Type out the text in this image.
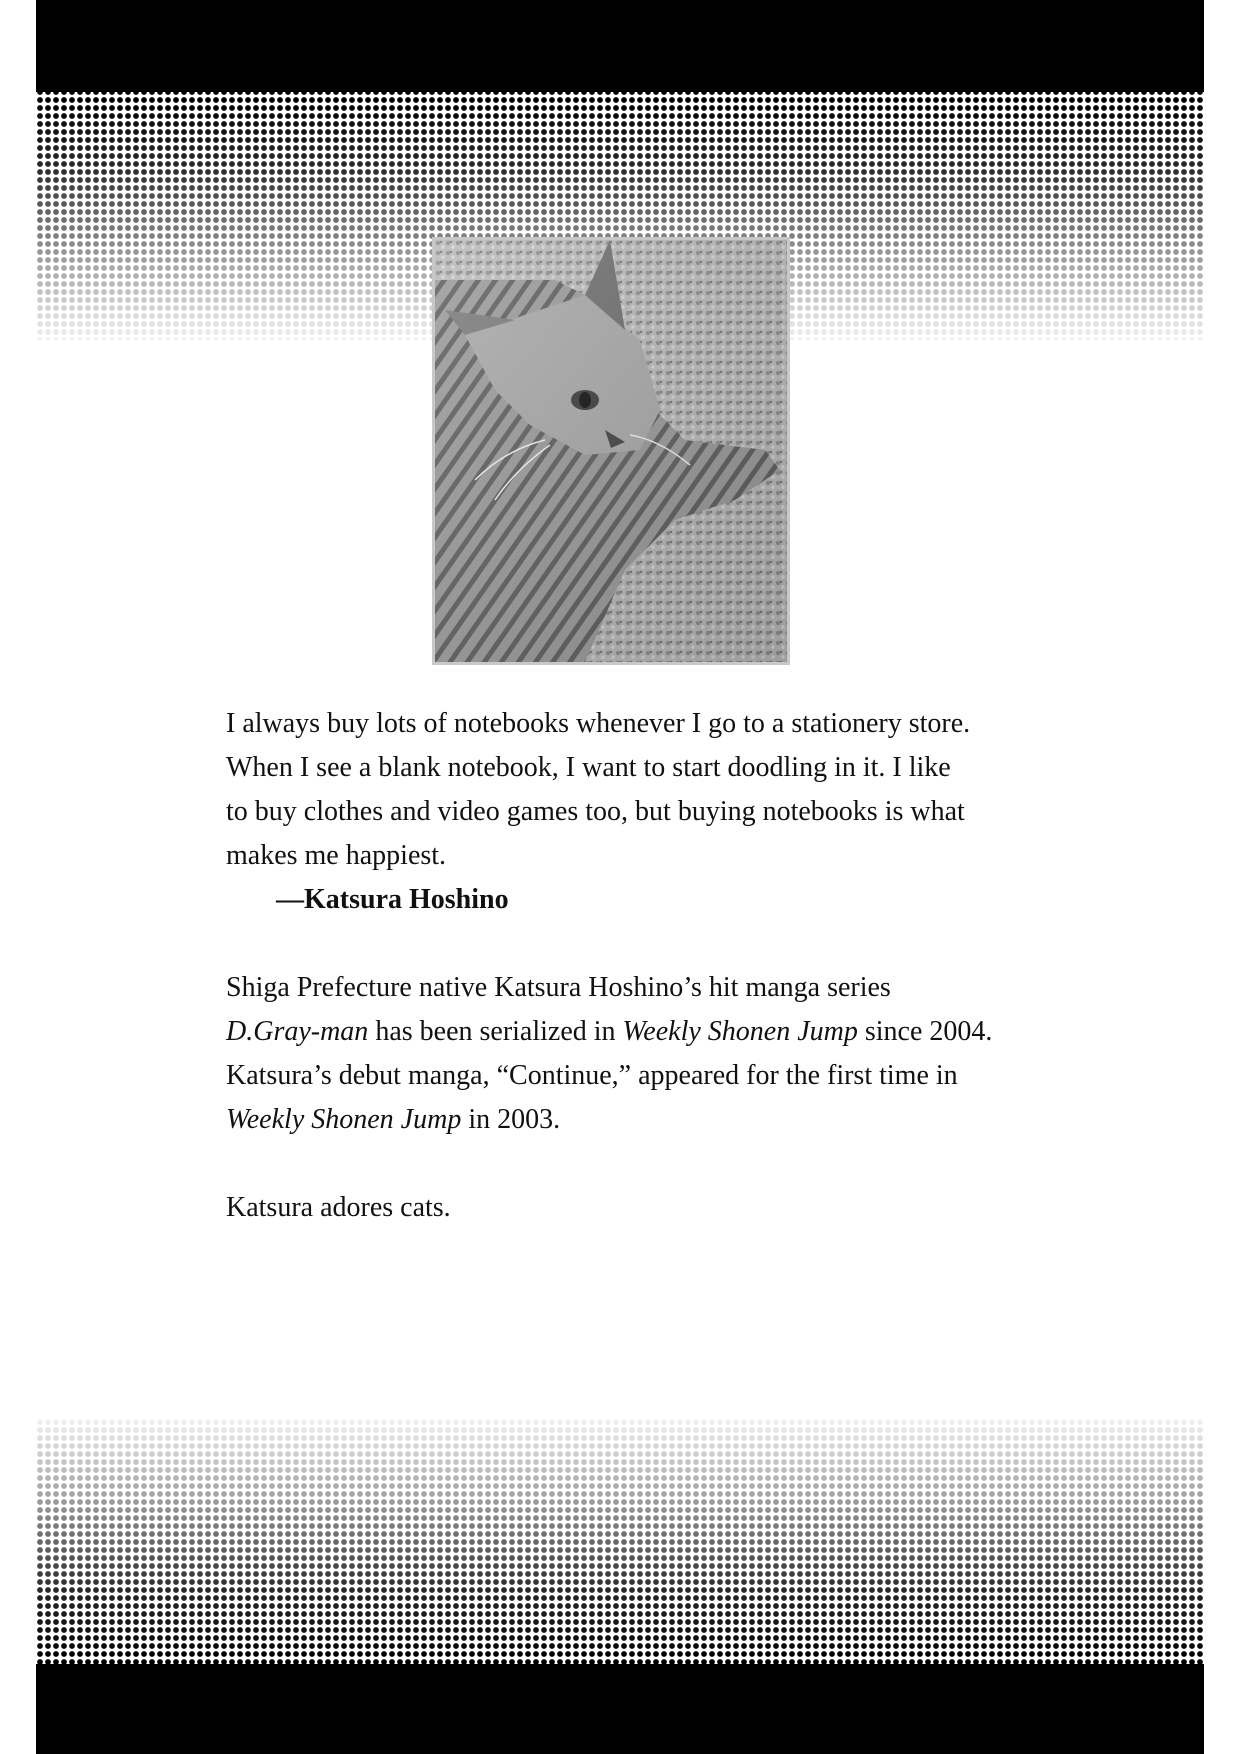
I always buy lots of notebooks whenever I go to a stationery store.

When I see a blank notebook, I want to start doodling in it. I like

to buy clothes and video games too, but buying notebooks is what

makes me happiest.

—Katsura Hoshino

Shiga Prefecture native Katsura Hoshino’s hit manga series

D.Gray-man has been serialized in Weekly Shonen Jump since 2004.

Katsura’s debut manga, “Continue,” appeared for the first time in

Weekly Shonen Jump in 2003.

Katsura adores cats.
